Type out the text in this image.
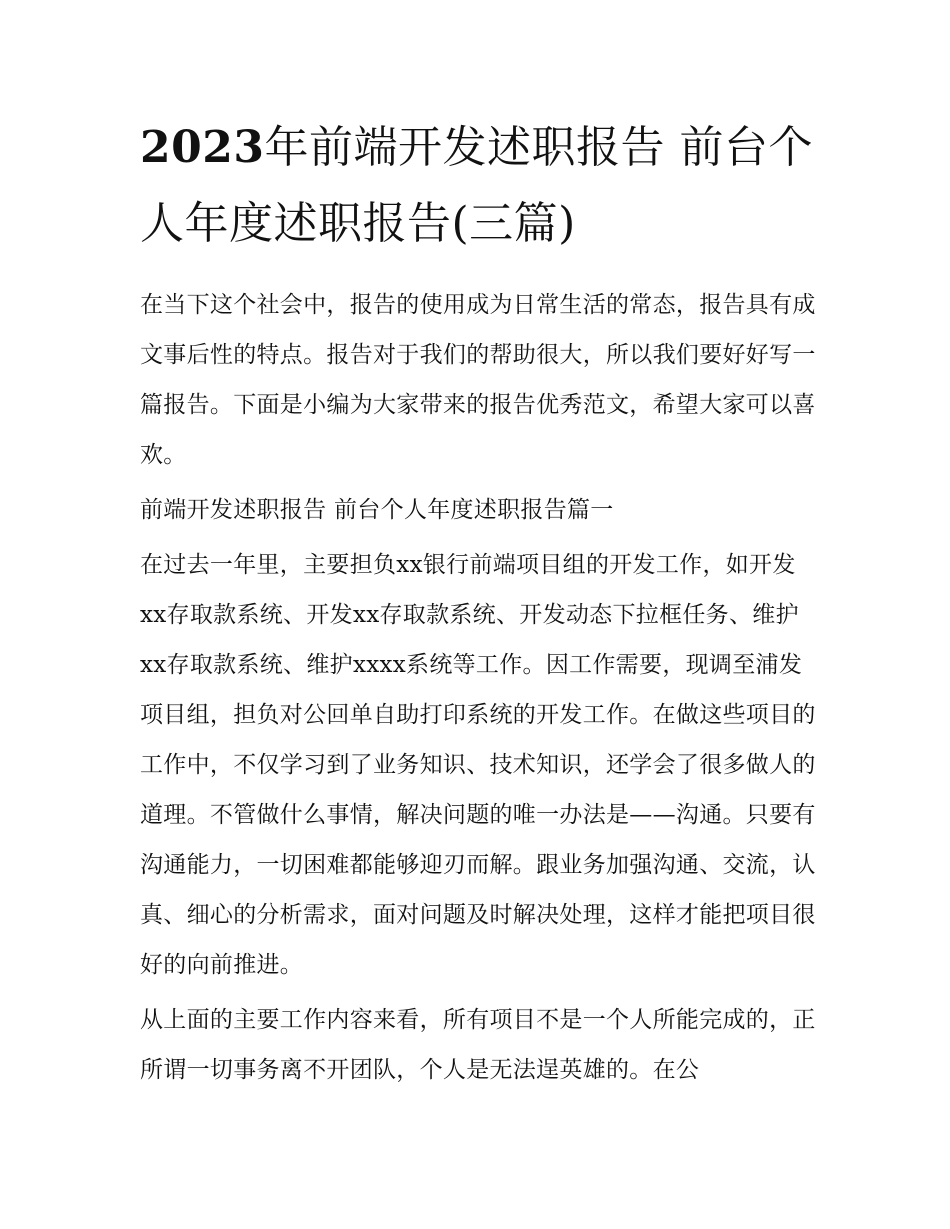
2023年前端开发述职报告 前台个人年度述职报告(三篇)

在当下这个社会中，报告的使用成为日常生活的常态，报告具有成文事后性的特点。报告对于我们的帮助很大，所以我们要好好写一篇报告。下面是小编为大家带来的报告优秀范文，希望大家可以喜欢。

前端开发述职报告 前台个人年度述职报告篇一

在过去一年里，主要担负xx银行前端项目组的开发工作，如开发xx存取款系统、开发xx存取款系统、开发动态下拉框任务、维护xx存取款系统、维护xxxx系统等工作。因工作需要，现调至浦发项目组，担负对公回单自助打印系统的开发工作。在做这些项目的工作中，不仅学习到了业务知识、技术知识，还学会了很多做人的道理。不管做什么事情，解决问题的唯一办法是——沟通。只要有沟通能力，一切困难都能够迎刃而解。跟业务加强沟通、交流，认真、细心的分析需求，面对问题及时解决处理，这样才能把项目很好的向前推进。

从上面的主要工作内容来看，所有项目不是一个人所能完成的，正所谓一切事务离不开团队，个人是无法逞英雄的。在公
